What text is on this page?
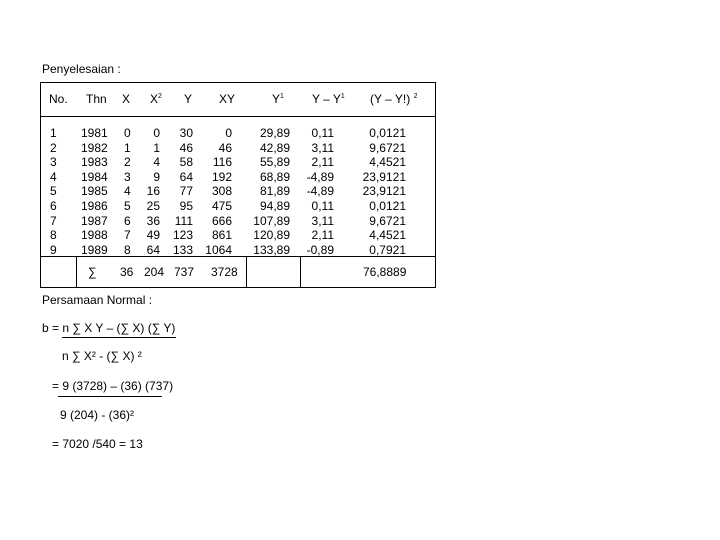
Penyelesaian :
No. Thn X $X^2$ Y XY	$Y^1$ Y – $Y^1$ (Y – Y!) $^2$
1
2
3
4
5
6
7
8
9
1981
1982
1983
1984
1985
1986
1987
1988
1989
0
1
2
3
4
5
6
7
8
0
1
4
9
16
25
36
49
64
30
46
58
64
77
95
111
123
133
0
46
116
192
308
475
666
861
1064
29,89
42,89
55,89
68,89
81,89
94,89
107,89
120,89
133,89
0,11
3,11
2,11
-4,89
-4,89
0,11
3,11
2,11
-0,89
0,0121
9,6721
4,4521
23,9121
23,9121
0,0121
9,6721
4,4521
0,7921
∑ 36 204 737 3728	76,8889
Persamaan Normal :
b = n ∑ X Y – (∑ X) (∑ Y)
n ∑ X² - (∑ X) ²
= 9 (3728) – (36) (737)
9 (204) - (36)²
= 7020 /540 = 13
